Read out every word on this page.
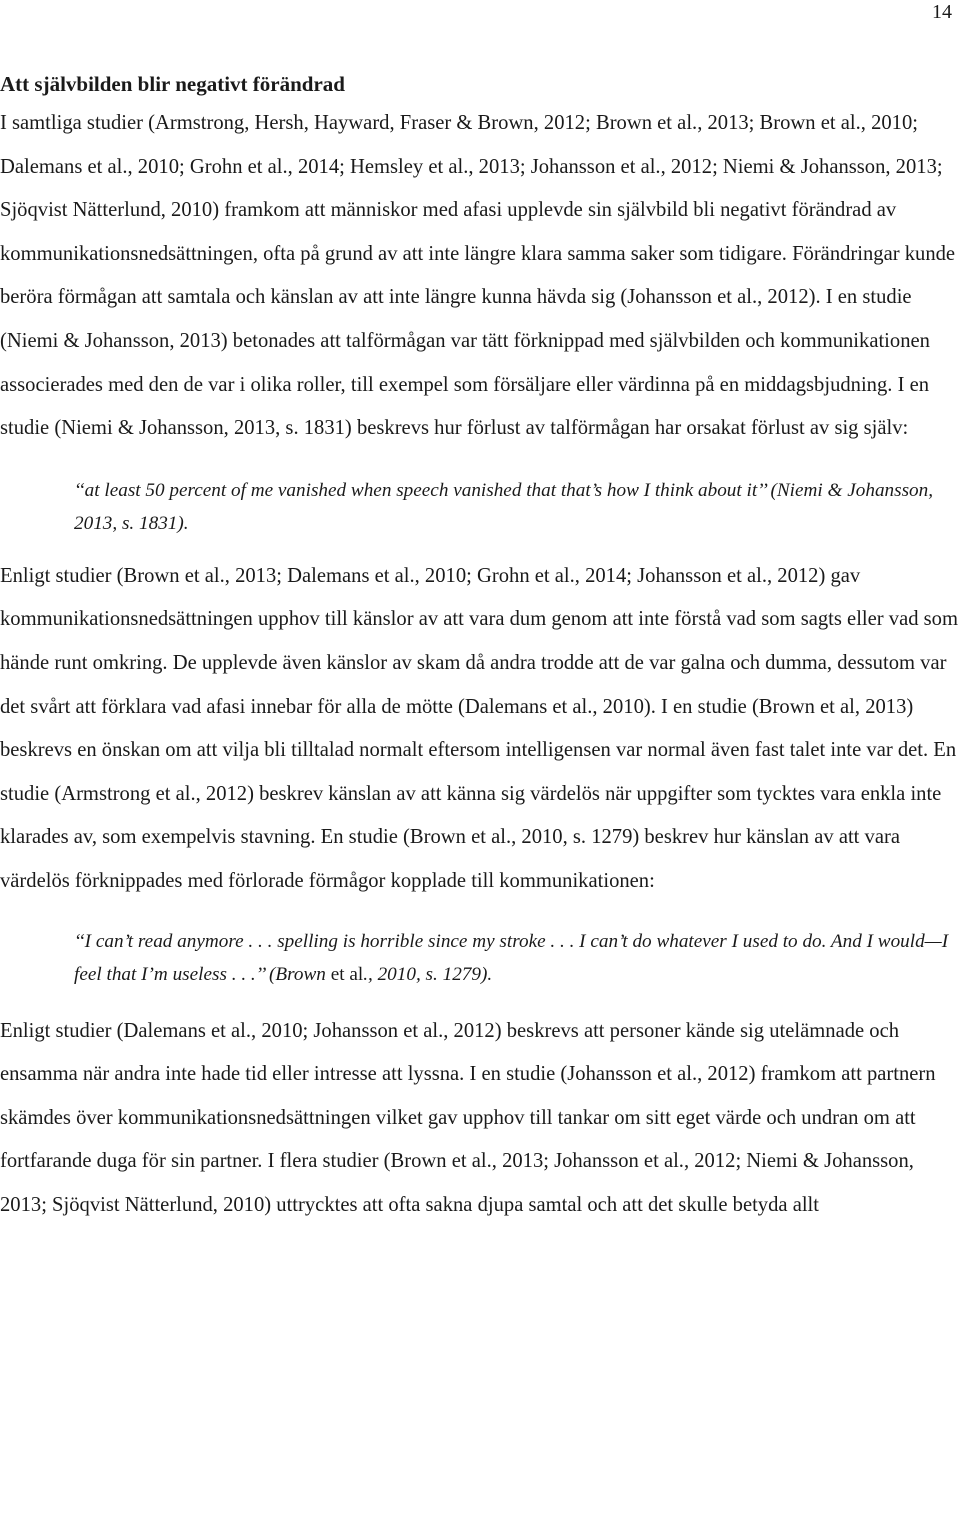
14
Att självbilden blir negativt förändrad

I samtliga studier (Armstrong, Hersh, Hayward, Fraser & Brown, 2012; Brown et al., 2013; Brown et al., 2010; Dalemans et al., 2010; Grohn et al., 2014; Hemsley et al., 2013; Johansson et al., 2012; Niemi & Johansson, 2013; Sjöqvist Nätterlund, 2010) framkom att människor med afasi upplevde sin självbild bli negativt förändrad av kommunikationsnedsättningen, ofta på grund av att inte längre klara samma saker som tidigare. Förändringar kunde beröra förmågan att samtala och känslan av att inte längre kunna hävda sig (Johansson et al., 2012). I en studie (Niemi & Johansson, 2013) betonades att talförmågan var tätt förknippad med självbilden och kommunikationen associerades med den de var i olika roller, till exempel som försäljare eller värdinna på en middagsbjudning. I en studie (Niemi & Johansson, 2013, s. 1831) beskrevs hur förlust av talförmågan har orsakat förlust av sig själv:

‘‘at least 50 percent of me vanished when speech vanished that that’s how I think about it’’ (Niemi & Johansson, 2013, s. 1831).

Enligt studier (Brown et al., 2013; Dalemans et al., 2010; Grohn et al., 2014; Johansson et al., 2012) gav kommunikationsnedsättningen upphov till känslor av att vara dum genom att inte förstå vad som sagts eller vad som hände runt omkring. De upplevde även känslor av skam då andra trodde att de var galna och dumma, dessutom var det svårt att förklara vad afasi innebar för alla de mötte (Dalemans et al., 2010). I en studie (Brown et al, 2013) beskrevs en önskan om att vilja bli tilltalad normalt eftersom intelligensen var normal även fast talet inte var det. En studie (Armstrong et al., 2012) beskrev känslan av att känna sig värdelös när uppgifter som tycktes vara enkla inte klarades av, som exempelvis stavning. En studie (Brown et al., 2010, s. 1279) beskrev hur känslan av att vara värdelös förknippades med förlorade förmågor kopplade till kommunikationen:

‘‘I can’t read anymore . . . spelling is horrible since my stroke . . . I can’t do whatever I used to do. And I would—I feel that I’m useless . . .’’ (Brown et al., 2010, s. 1279).

Enligt studier (Dalemans et al., 2010; Johansson et al., 2012) beskrevs att personer kände sig utelämnade och ensamma när andra inte hade tid eller intresse att lyssna. I en studie (Johansson et al., 2012) framkom att partnern skämdes över kommunikationsnedsättningen vilket gav upphov till tankar om sitt eget värde och undran om att fortfarande duga för sin partner. I flera studier (Brown et al., 2013; Johansson et al., 2012; Niemi & Johansson, 2013; Sjöqvist Nätterlund, 2010) uttrycktes att ofta sakna djupa samtal och att det skulle betyda allt
